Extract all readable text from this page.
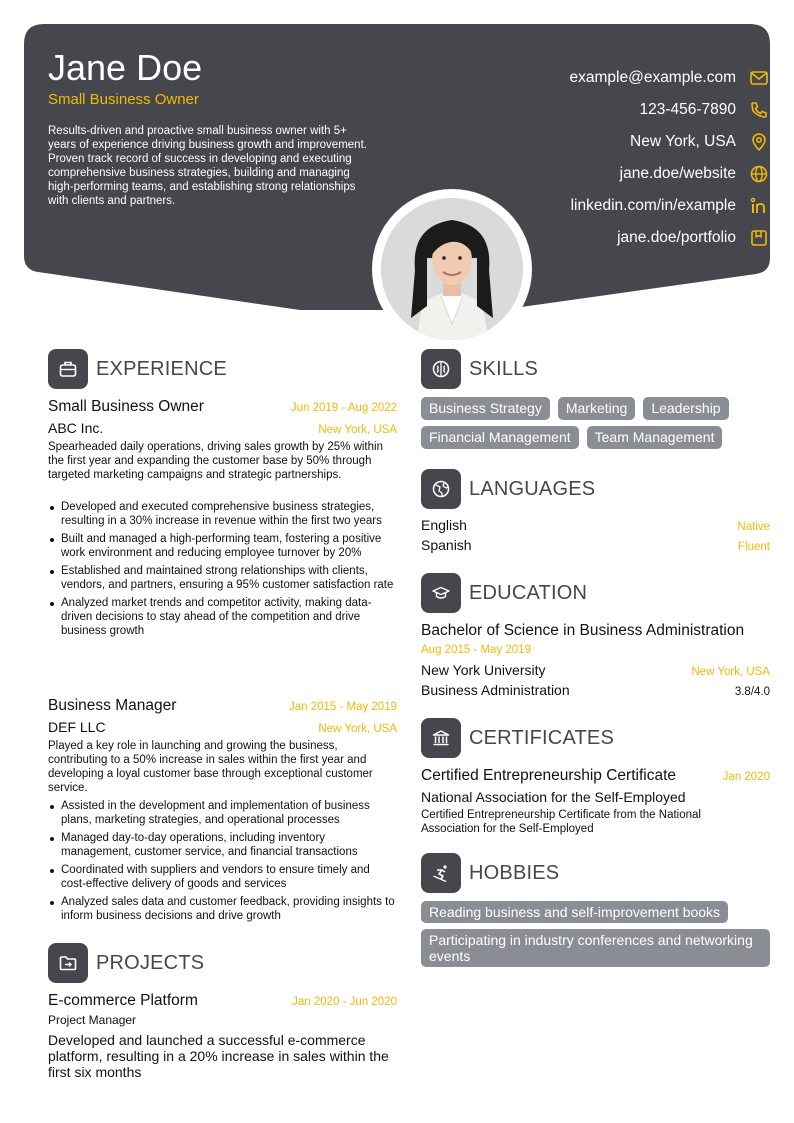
Jane Doe
Small Business Owner
Results-driven and proactive small business owner with 5+ years of experience driving business growth and improvement. Proven track record of success in developing and executing comprehensive business strategies, building and managing high-performing teams, and establishing strong relationships with clients and partners.
example@example.com
123-456-7890
New York, USA
jane.doe/website
linkedin.com/in/example
jane.doe/portfolio
EXPERIENCE
Small Business Owner	Jun 2019 - Aug 2022
ABC Inc.	New York, USA
Spearheaded daily operations, driving sales growth by 25% within the first year and expanding the customer base by 50% through targeted marketing campaigns and strategic partnerships.
Developed and executed comprehensive business strategies, resulting in a 30% increase in revenue within the first two years
Built and managed a high-performing team, fostering a positive work environment and reducing employee turnover by 20%
Established and maintained strong relationships with clients, vendors, and partners, ensuring a 95% customer satisfaction rate
Analyzed market trends and competitor activity, making data-driven decisions to stay ahead of the competition and drive business growth
Business Manager	Jan 2015 - May 2019
DEF LLC	New York, USA
Played a key role in launching and growing the business, contributing to a 50% increase in sales within the first year and developing a loyal customer base through exceptional customer service.
Assisted in the development and implementation of business plans, marketing strategies, and operational processes
Managed day-to-day operations, including inventory management, customer service, and financial transactions
Coordinated with suppliers and vendors to ensure timely and cost-effective delivery of goods and services
Analyzed sales data and customer feedback, providing insights to inform business decisions and drive growth
PROJECTS
E-commerce Platform	Jan 2020 - Jun 2020
Project Manager
Developed and launched a successful e-commerce platform, resulting in a 20% increase in sales within the first six months
SKILLS
Business Strategy	Marketing	Leadership
Financial Management	Team Management
LANGUAGES
English	Native
Spanish	Fluent
EDUCATION
Bachelor of Science in Business Administration
Aug 2015 - May 2019
New York University	New York, USA
Business Administration	3.8/4.0
CERTIFICATES
Certified Entrepreneurship Certificate	Jan 2020
National Association for the Self-Employed
Certified Entrepreneurship Certificate from the National Association for the Self-Employed
HOBBIES
Reading business and self-improvement books
Participating in industry conferences and networking events
